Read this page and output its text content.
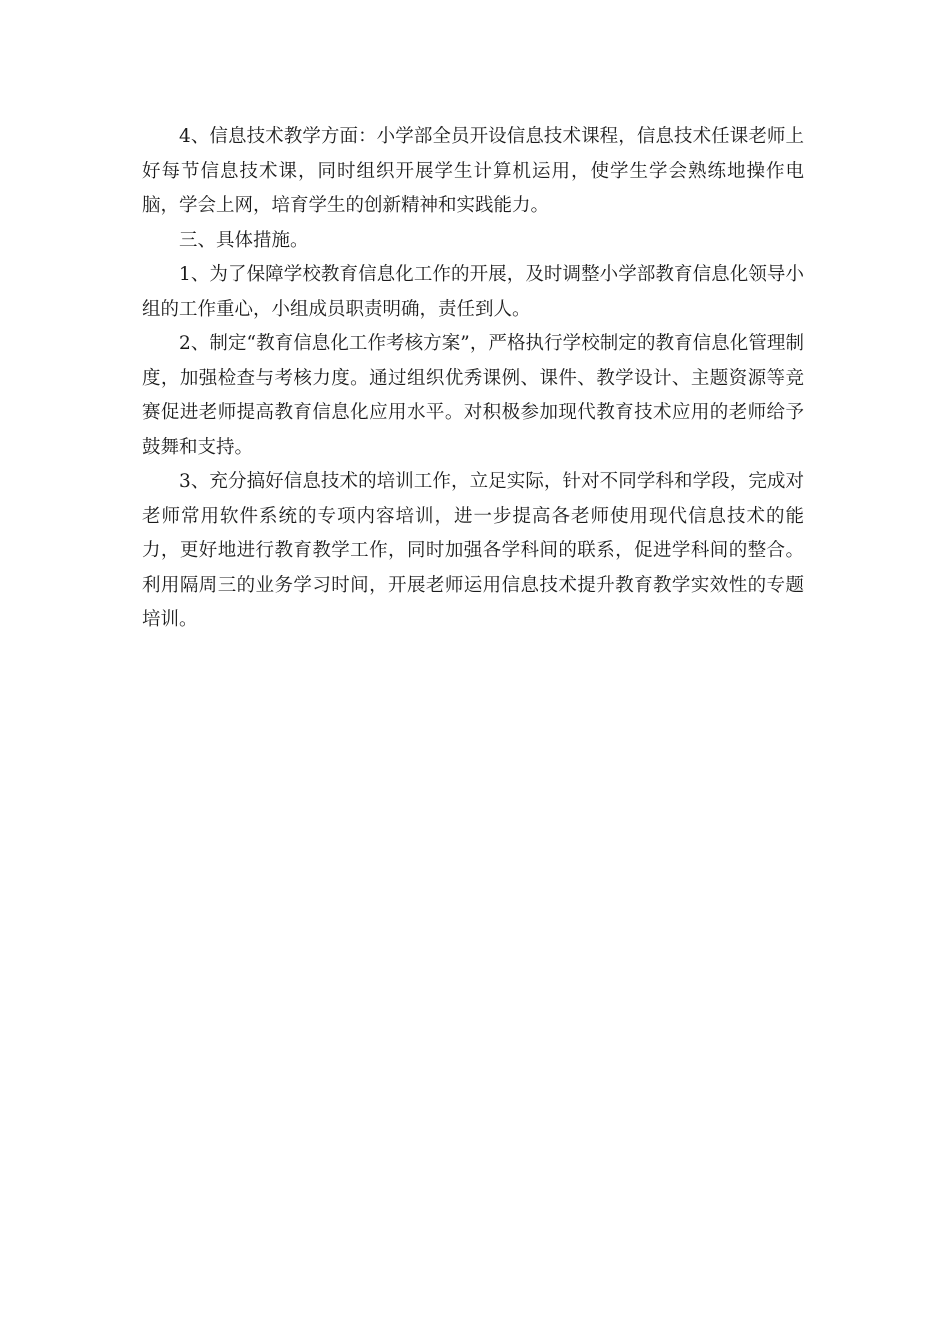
4、信息技术教学方面：小学部全员开设信息技术课程，信息技术任课老师上好每节信息技术课，同时组织开展学生计算机运用，使学生学会熟练地操作电脑，学会上网，培育学生的创新精神和实践能力。

三、具体措施。

1、为了保障学校教育信息化工作的开展，及时调整小学部教育信息化领导小组的工作重心，小组成员职责明确，责任到人。

2、制定“教育信息化工作考核方案”，严格执行学校制定的教育信息化管理制度，加强检查与考核力度。通过组织优秀课例、课件、教学设计、主题资源等竞赛促进老师提高教育信息化应用水平。对积极参加现代教育技术应用的老师给予鼓舞和支持。

3、充分搞好信息技术的培训工作，立足实际，针对不同学科和学段，完成对老师常用软件系统的专项内容培训，进一步提高各老师使用现代信息技术的能力，更好地进行教育教学工作，同时加强各学科间的联系，促进学科间的整合。利用隔周三的业务学习时间，开展老师运用信息技术提升教育教学实效性的专题培训。
